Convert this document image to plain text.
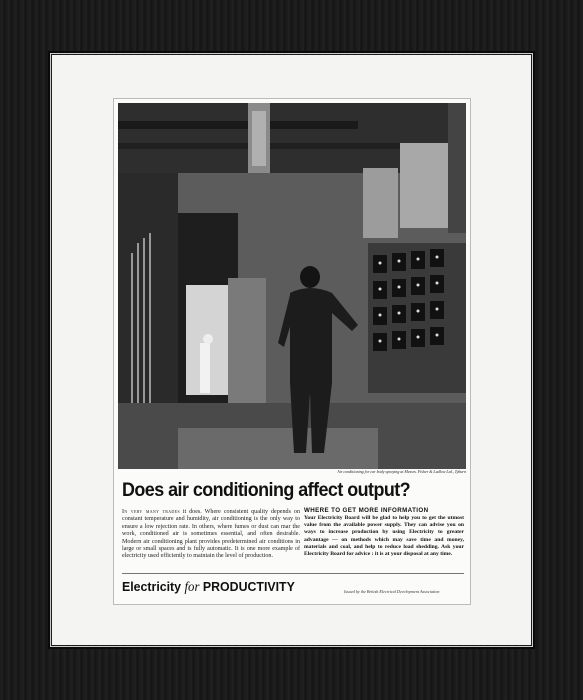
Air conditioning for car body spraying at Messrs. Fisher & Ludlow Ltd., Tyburn
Does air conditioning affect output?
In very many trades it does. Where consistent quality depends on constant temperature and humidity, air conditioning is the only way to ensure a low rejection rate. In others, where fumes or dust can mar the work, conditioned air is sometimes essential, and often desirable. Modern air conditioning plant provides predetermined air conditions in large or small spaces and is fully automatic. It is one more example of electricity used efficiently to maintain the level of production.
WHERE TO GET MORE INFORMATION
Your Electricity Board will be glad to help you to get the utmost value from the available power supply. They can advise you on ways to increase production by using Electricity to greater advantage — on methods which may save time and money, materials and coal, and help to reduce load shedding. Ask your Electricity Board for advice : it is at your disposal at any time.
Electricity for PRODUCTIVITY	Issued by the British Electrical Development Association
